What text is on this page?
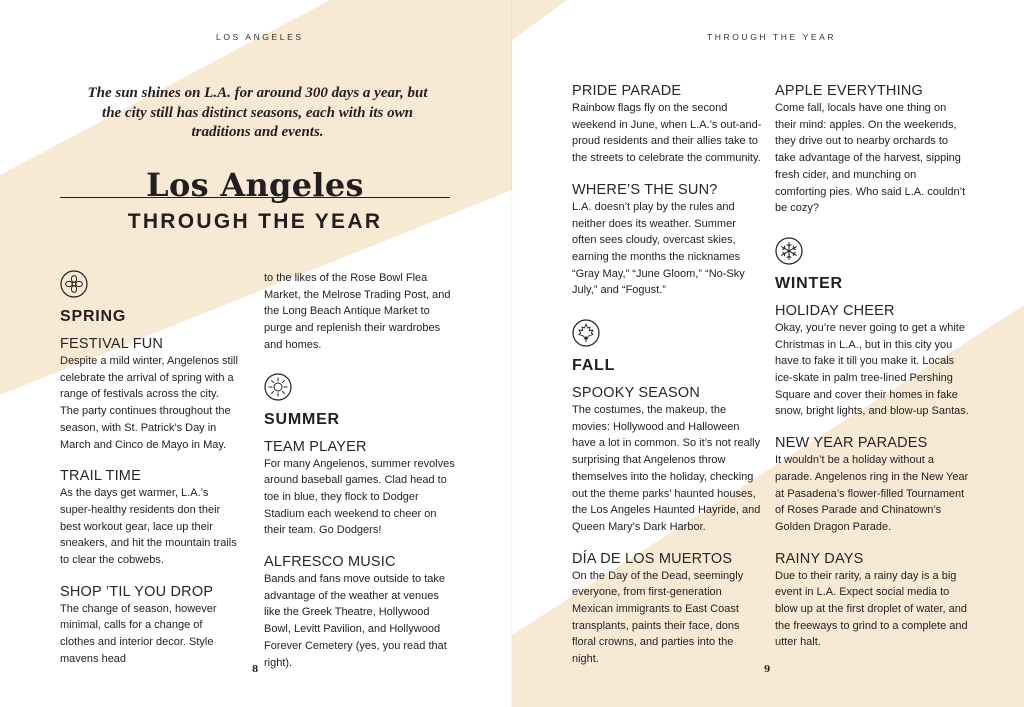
LOS ANGELES
The sun shines on L.A. for around 300 days a year, but the city still has distinct seasons, each with its own traditions and events.
Los Angeles
THROUGH THE YEAR
SPRING
FESTIVAL FUN

Despite a mild winter, Angelenos still celebrate the arrival of spring with a range of festivals across the city. The party continues throughout the season, with St. Patrick’s Day in March and Cinco de Mayo in May.

TRAIL TIME

As the days get warmer, L.A.’s super-healthy residents don their best workout gear, lace up their sneakers, and hit the mountain trails to clear the cobwebs.

SHOP ’TIL YOU DROP

The change of season, however minimal, calls for a change of clothes and interior decor. Style mavens head

to the likes of the Rose Bowl Flea Market, the Melrose Trading Post, and the Long Beach Antique Market to purge and replenish their wardrobes and homes.

SUMMER
TEAM PLAYER

For many Angelenos, summer revolves around baseball games. Clad head to toe in blue, they flock to Dodger Stadium each weekend to cheer on their team. Go Dodgers!

ALFRESCO MUSIC

Bands and fans move outside to take advantage of the weather at venues like the Greek Theatre, Hollywood Bowl, Levitt Pavilion, and Hollywood Forever Cemetery (yes, you read that right).

8
THROUGH THE YEAR
PRIDE PARADE

Rainbow flags fly on the second weekend in June, when L.A.’s out-and-proud residents and their allies take to the streets to celebrate the community.

WHERE’S THE SUN?

L.A. doesn’t play by the rules and neither does its weather. Summer often sees cloudy, overcast skies, earning the months the nicknames “Gray May,” “June Gloom,” “No-Sky July,” and “Fogust.”

FALL
SPOOKY SEASON

The costumes, the makeup, the movies: Hollywood and Halloween have a lot in common. So it’s not really surprising that Angelenos throw themselves into the holiday, checking out the theme parks’ haunted houses, the Los Angeles Haunted Hayride, and Queen Mary’s Dark Harbor.

DÍA DE LOS MUERTOS

On the Day of the Dead, seemingly everyone, from first-generation Mexican immigrants to East Coast transplants, paints their face, dons floral crowns, and parties into the night.

APPLE EVERYTHING

Come fall, locals have one thing on their mind: apples. On the weekends, they drive out to nearby orchards to take advantage of the harvest, sipping fresh cider, and munching on comforting pies. Who said L.A. couldn’t be cozy?

WINTER
HOLIDAY CHEER

Okay, you’re never going to get a white Christmas in L.A., but in this city you have to fake it till you make it. Locals ice-skate in palm tree-lined Pershing Square and cover their homes in fake snow, bright lights, and blow-up Santas.

NEW YEAR PARADES

It wouldn’t be a holiday without a parade. Angelenos ring in the New Year at Pasadena’s flower-filled Tournament of Roses Parade and Chinatown’s Golden Dragon Parade.

RAINY DAYS

Due to their rarity, a rainy day is a big event in L.A. Expect social media to blow up at the first droplet of water, and the freeways to grind to a complete and utter halt.

9
